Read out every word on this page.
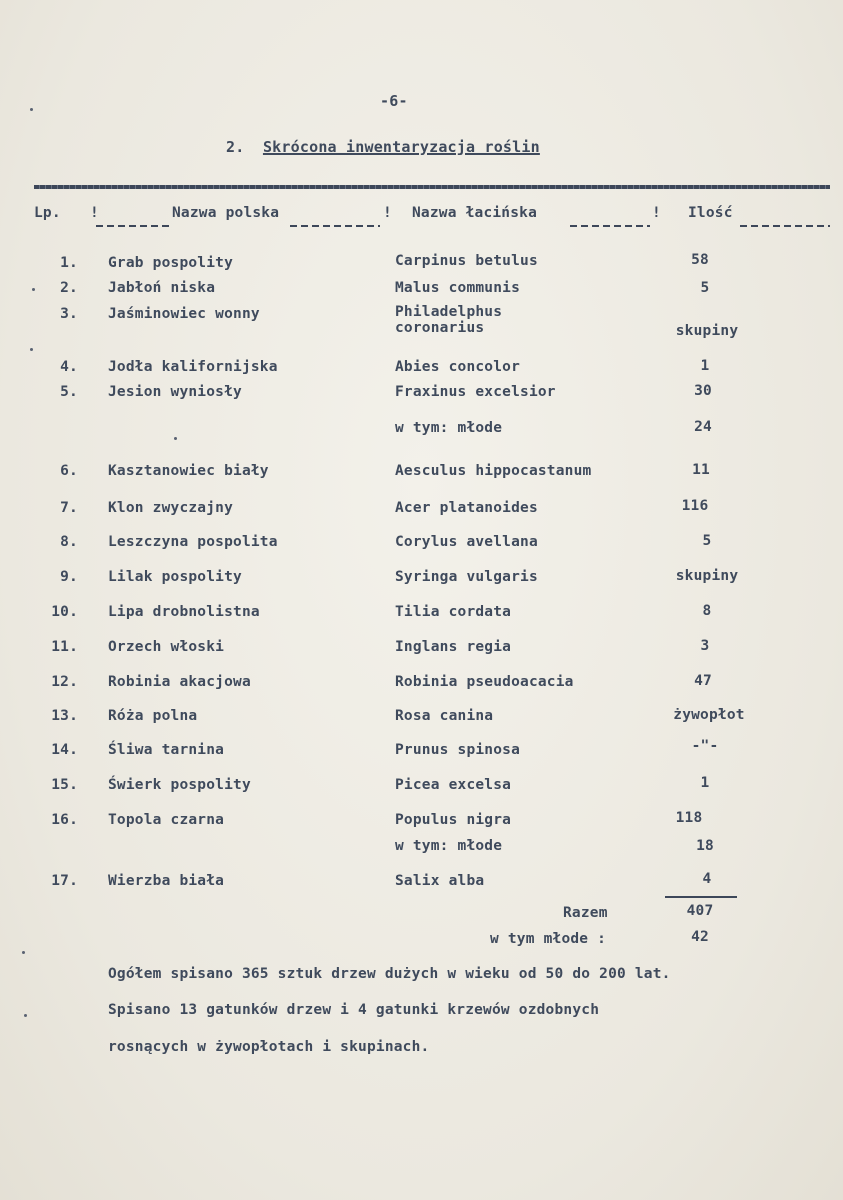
-6-
2. Skrócona inwentaryzacja roślin
Lp. !	Nazwa polska	! Nazwa łacińska	! Ilość
1. Grab pospolity	Carpinus betulus	58
2. Jabłoń niska	Malus communis	5
3. Jaśminowiec wonny	Philadelphus
coronarius	skupiny
4. Jodła kalifornijska	Abies concolor	1
5. Jesion wyniosły	Fraxinus excelsior	30
w tym: młode	24
6. Kasztanowiec biały	Aesculus hippocastanum	11
7. Klon zwyczajny	Acer platanoides	116
8. Leszczyna pospolita	Corylus avellana	5
9. Lilak pospolity	Syringa vulgaris	skupiny
10. Lipa drobnolistna	Tilia cordata	8
11. Orzech włoski	Inglans regia	3
12. Robinia akacjowa	Robinia pseudoacacia	47
13. Róża polna	Rosa canina	żywopłot
14. Śliwa tarnina	Prunus spinosa	-"-
15. Świerk pospolity	Picea excelsa	1
16. Topola czarna	Populus nigra	118
w tym: młode	18
17. Wierzba biała	Salix alba	4
Razem	407
w tym młode :	42
Ogółem spisano 365 sztuk drzew dużych w wieku od 50 do 200 lat.
Spisano 13 gatunków drzew i 4 gatunki krzewów ozdobnych
rosnących w żywopłotach i skupinach.
